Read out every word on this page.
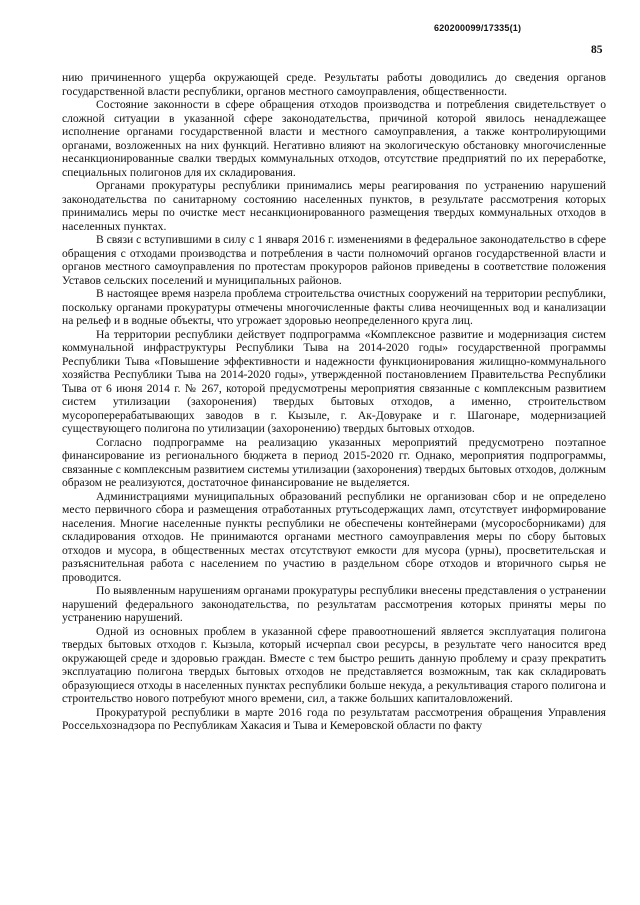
620200099/17335(1)
85

нию причиненного ущерба окружающей среде. Результаты работы доводились до сведения органов государственной власти республики, органов местного самоуправления, общественности.

Состояние законности в сфере обращения отходов производства и потребления свидетельствует о сложной ситуации в указанной сфере законодательства, причиной которой явилось ненадлежащее исполнение органами государственной власти и местного самоуправления, а также контролирующими органами, возложенных на них функций. Негативно влияют на экологическую обстановку многочисленные несанкционированные свалки твердых коммунальных отходов, отсутствие предприятий по их переработке, специальных полигонов для их складирования.

Органами прокуратуры республики принимались меры реагирования по устранению нарушений законодательства по санитарному состоянию населенных пунктов, в результате рассмотрения которых принимались меры по очистке мест несанкционированного размещения твердых коммунальных отходов в населенных пунктах.

В связи с вступившими в силу с 1 января 2016 г. изменениями в федеральное законодательство в сфере обращения с отходами производства и потребления в части полномочий органов государственной власти и органов местного самоуправления по протестам прокуроров районов приведены в соответствие положения Уставов сельских поселений и муниципальных районов.

В настоящее время назрела проблема строительства очистных сооружений на территории республики, поскольку органами прокуратуры отмечены многочисленные факты слива неочищенных вод и канализации на рельеф и в водные объекты, что угрожает здоровью неопределенного круга лиц.

На территории республики действует подпрограмма «Комплексное развитие и модернизация систем коммунальной инфраструктуры Республики Тыва на 2014-2020 годы» государственной программы Республики Тыва «Повышение эффективности и надежности функционирования жилищно-коммунального хозяйства Республики Тыва на 2014-2020 годы», утвержденной постановлением Правительства Республики Тыва от 6 июня 2014 г. № 267, которой предусмотрены мероприятия связанные с комплексным развитием систем утилизации (захоронения) твердых бытовых отходов, а именно, строительством мусороперерабатывающих заводов в г. Кызыле, г. Ак-Довураке и г. Шагонаре, модернизацией существующего полигона по утилизации (захоронению) твердых бытовых отходов.

Согласно подпрограмме на реализацию указанных мероприятий предусмотрено поэтапное финансирование из регионального бюджета в период 2015-2020 гг. Однако, мероприятия подпрограммы, связанные с комплексным развитием системы утилизации (захоронения) твердых бытовых отходов, должным образом не реализуются, достаточное финансирование не выделяется.

Администрациями муниципальных образований республики не организован сбор и не определено место первичного сбора и размещения отработанных ртутьсодержащих ламп, отсутствует информирование населения. Многие населенные пункты республики не обеспечены контейнерами (мусоросборниками) для складирования отходов. Не принимаются органами местного самоуправления меры по сбору бытовых отходов и мусора, в общественных местах отсутствуют емкости для мусора (урны), просветительская и разъяснительная работа с населением по участию в раздельном сборе отходов и вторичного сырья не проводится.

По выявленным нарушениям органами прокуратуры республики внесены представления о устранении нарушений федерального законодательства, по результатам рассмотрения которых приняты меры по устранению нарушений.

Одной из основных проблем в указанной сфере правоотношений является эксплуатация полигона твердых бытовых отходов г. Кызыла, который исчерпал свои ресурсы, в результате чего наносится вред окружающей среде и здоровью граждан. Вместе с тем быстро решить данную проблему и сразу прекратить эксплуатацию полигона твердых бытовых отходов не представляется возможным, так как складировать образующиеся отходы в населенных пунктах республики больше некуда, а рекультивация старого полигона и строительство нового потребуют много времени, сил, а также больших капиталовложений.

Прокуратурой республики в марте 2016 года по результатам рассмотрения обращения Управления Россельхознадзора по Республикам Хакасия и Тыва и Кемеровской области по факту
